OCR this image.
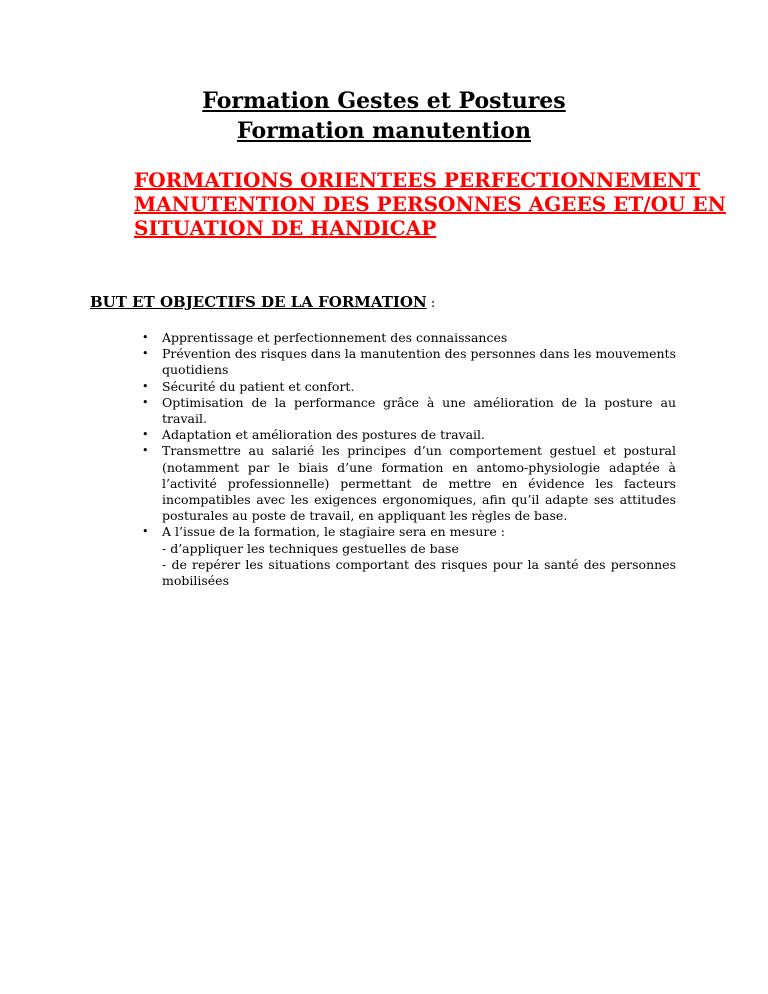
Formation Gestes et Postures
Formation manutention
FORMATIONS ORIENTEES PERFECTIONNEMENT
MANUTENTION DES PERSONNES AGEES ET/OU EN
SITUATION DE HANDICAP
BUT ET OBJECTIFS DE LA FORMATION :
• Apprentissage et perfectionnement des connaissances
• Prévention des risques dans la manutention des personnes dans les mouvements quotidiens
• Sécurité du patient et confort.
• Optimisation de la performance grâce à une amélioration de la posture au travail.
• Adaptation et amélioration des postures de travail.
• Transmettre au salarié les principes d’un comportement gestuel et postural (notamment par le biais d’une formation en antomo-physiologie adaptée à l’activité professionnelle) permettant de mettre en évidence les facteurs incompatibles avec les exigences ergonomiques, afin qu’il adapte ses attitudes posturales au poste de travail, en appliquant les règles de base.
• A l’issue de la formation, le stagiaire sera en mesure :
- d’appliquer les techniques gestuelles de base
- de repérer les situations comportant des risques pour la santé des personnes mobilisées
